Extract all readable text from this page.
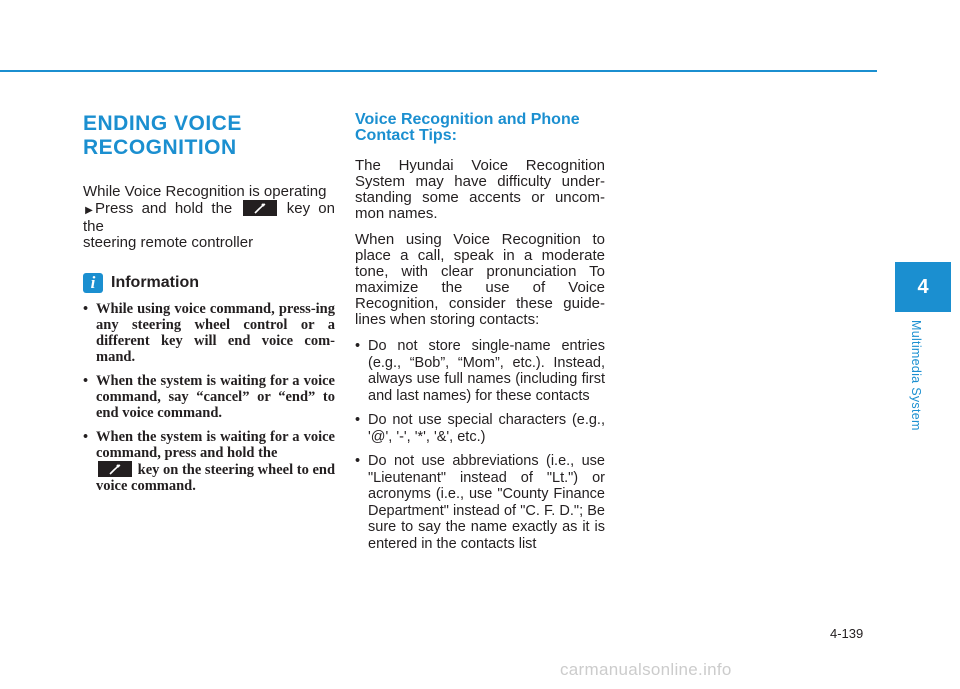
ENDING VOICE RECOGNITION

While Voice Recognition is operating
▶ Press and hold the	key on the
steering remote controller

i Information
• While using voice command, press-ing any steering wheel control or a different key will end voice com-mand.
• When the system is waiting for a voice command, say “cancel” or “end” to end voice command.
• When the system is waiting for a voice command, press and hold the

key on the steering wheel to end voice command.
Voice Recognition and Phone
Contact Tips:

The Hyundai Voice Recognition System may have difficulty under-standing some accents or uncom-mon names.

When using Voice Recognition to place a call, speak in a moderate tone, with clear pronunciation To maximize the use of Voice Recognition, consider these guide-lines when storing contacts:

• Do not store single-name entries (e.g., “Bob”, “Mom”, etc.). Instead, always use full names (including first and last names) for these contacts
• Do not use special characters (e.g., '@', '-', '*', '&', etc.)
• Do not use abbreviations (i.e., use "Lieutenant" instead of "Lt.") or acronyms (i.e., use "County Finance Department" instead of "C. F. D."; Be sure to say the name exactly as it is entered in the contacts list
4
Multimedia System
4-139
carmanualsonline.info
